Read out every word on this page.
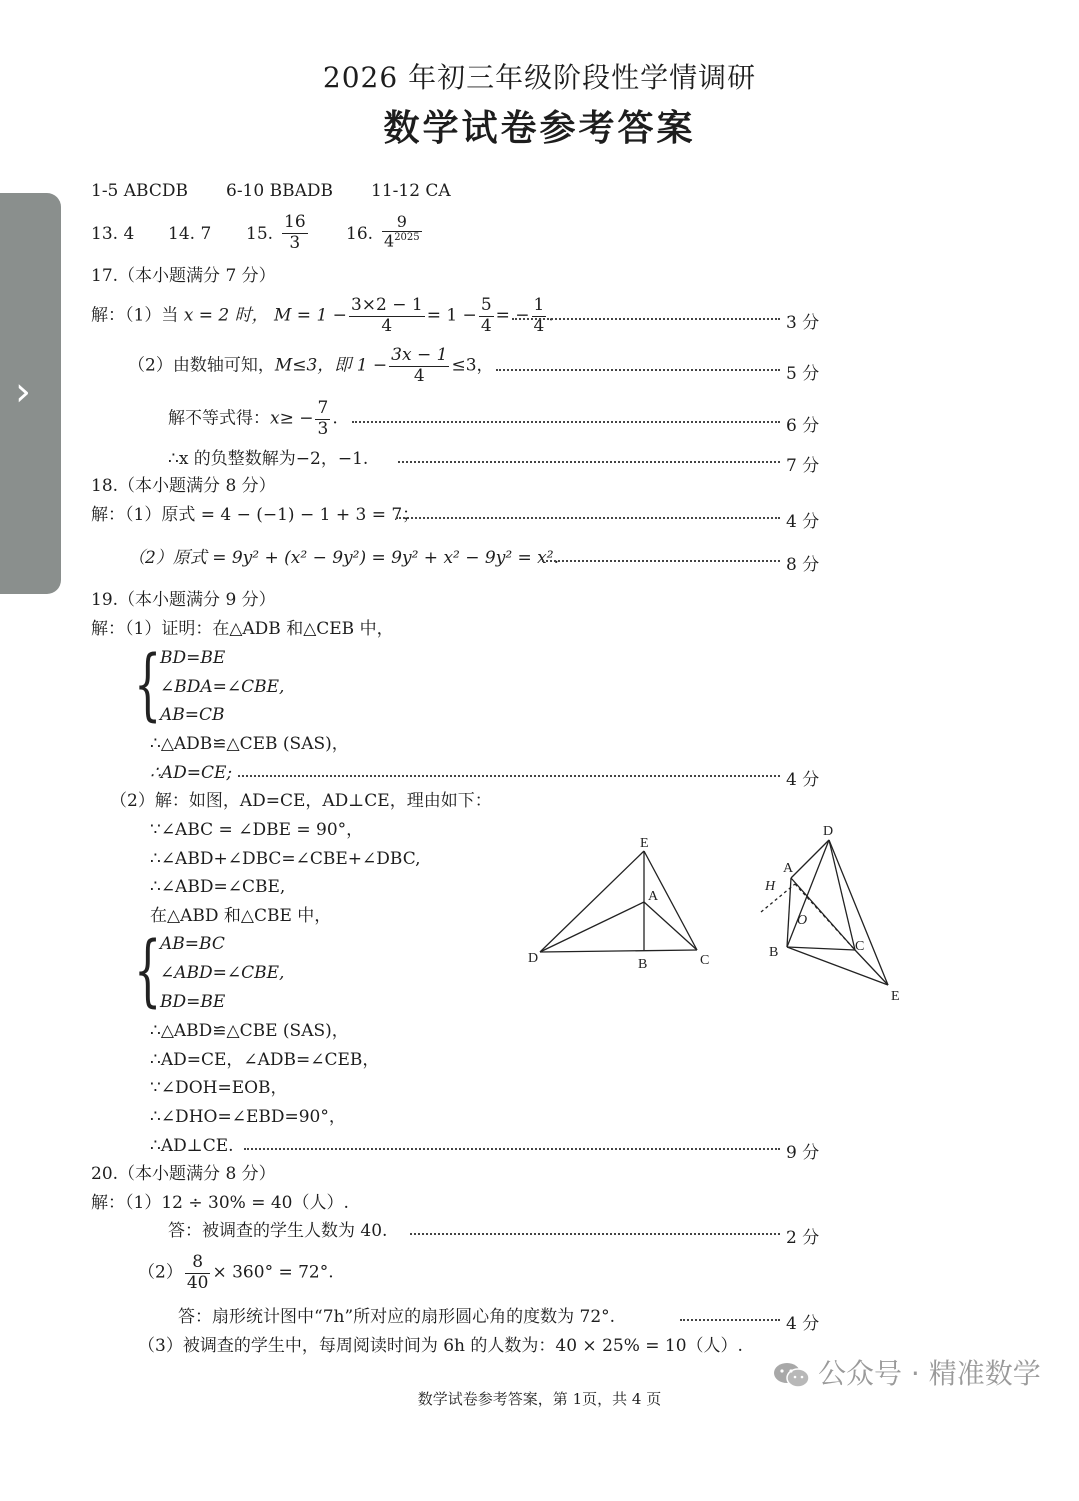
›
2026 年初三年级阶段性学情调研
数学试卷参考答案
1-5 ABCDB 6-10 BBADB 11-12 CA
13. 4 14. 7 15. $\frac{16}{3} 16$. $\frac{9}{4^{2025}}$
17.（本小题满分 7 分）
解：（1）当 x = 2 时， $M = 1 - \frac{3\times 2 - 1}{4} = 1 - \frac{5}{4}$ = − $\frac{1}{4}$ .	3 分
（2）由数轴可知，M≤3，即 $1 - \frac{3x - 1}{4} \le 3$，	5 分
解不等式得：$x\ge - \frac{7}{3}$ .	6 分
∴x 的负整数解为−2，−1.	7 分
18.（本小题满分 8 分）
解：（1）原式 = 4 − (−1) − 1 + 3 = 7；	4 分
（2）原式 = 9y² + (x² − 9y²) = 9y² + x² − 9y² = x².	8 分
19.（本小题满分 9 分）
解：（1）证明：在△ADB 和△CEB 中，
{
BD=BE
∠BDA=∠CBE,
AB=CB
∴△ADB≌△CEB (SAS)，
∴AD=CE;	4 分
（2）解：如图，AD=CE，AD⊥CE，理由如下：
∵∠ABC = ∠DBE = 90°，
∴∠ABD+∠DBC=∠CBE+∠DBC,
∴∠ABD=∠CBE,
在△ABD 和△CBE 中，
{
AB=BC
∠ABD=∠CBE,
BD=BE
∴△ABD≌△CBE (SAS)，
∴AD=CE，∠ADB=∠CEB，
∵∠DOH=EOB，
∴∠DHO=∠EBD=90°，
∴AD⊥CE.	9 分
E
A
D	B	C
D
A
H
O
B	C
E
20.（本小题满分 8 分）
解：（1）12 ÷ 30% = 40（人）.
答：被调查的学生人数为 40.	2 分
$(2) \frac{8}{40} \times 360^\circ = 72^\circ$.
答：扇形统计图中“7h”所对应的扇形圆心角的度数为 72°.	4 分
（3）被调查的学生中，每周阅读时间为 6h 的人数为：40 × 25% = 10（人）.
公众号 · 精准数学
数学试卷参考答案，第 1页，共 4 页
